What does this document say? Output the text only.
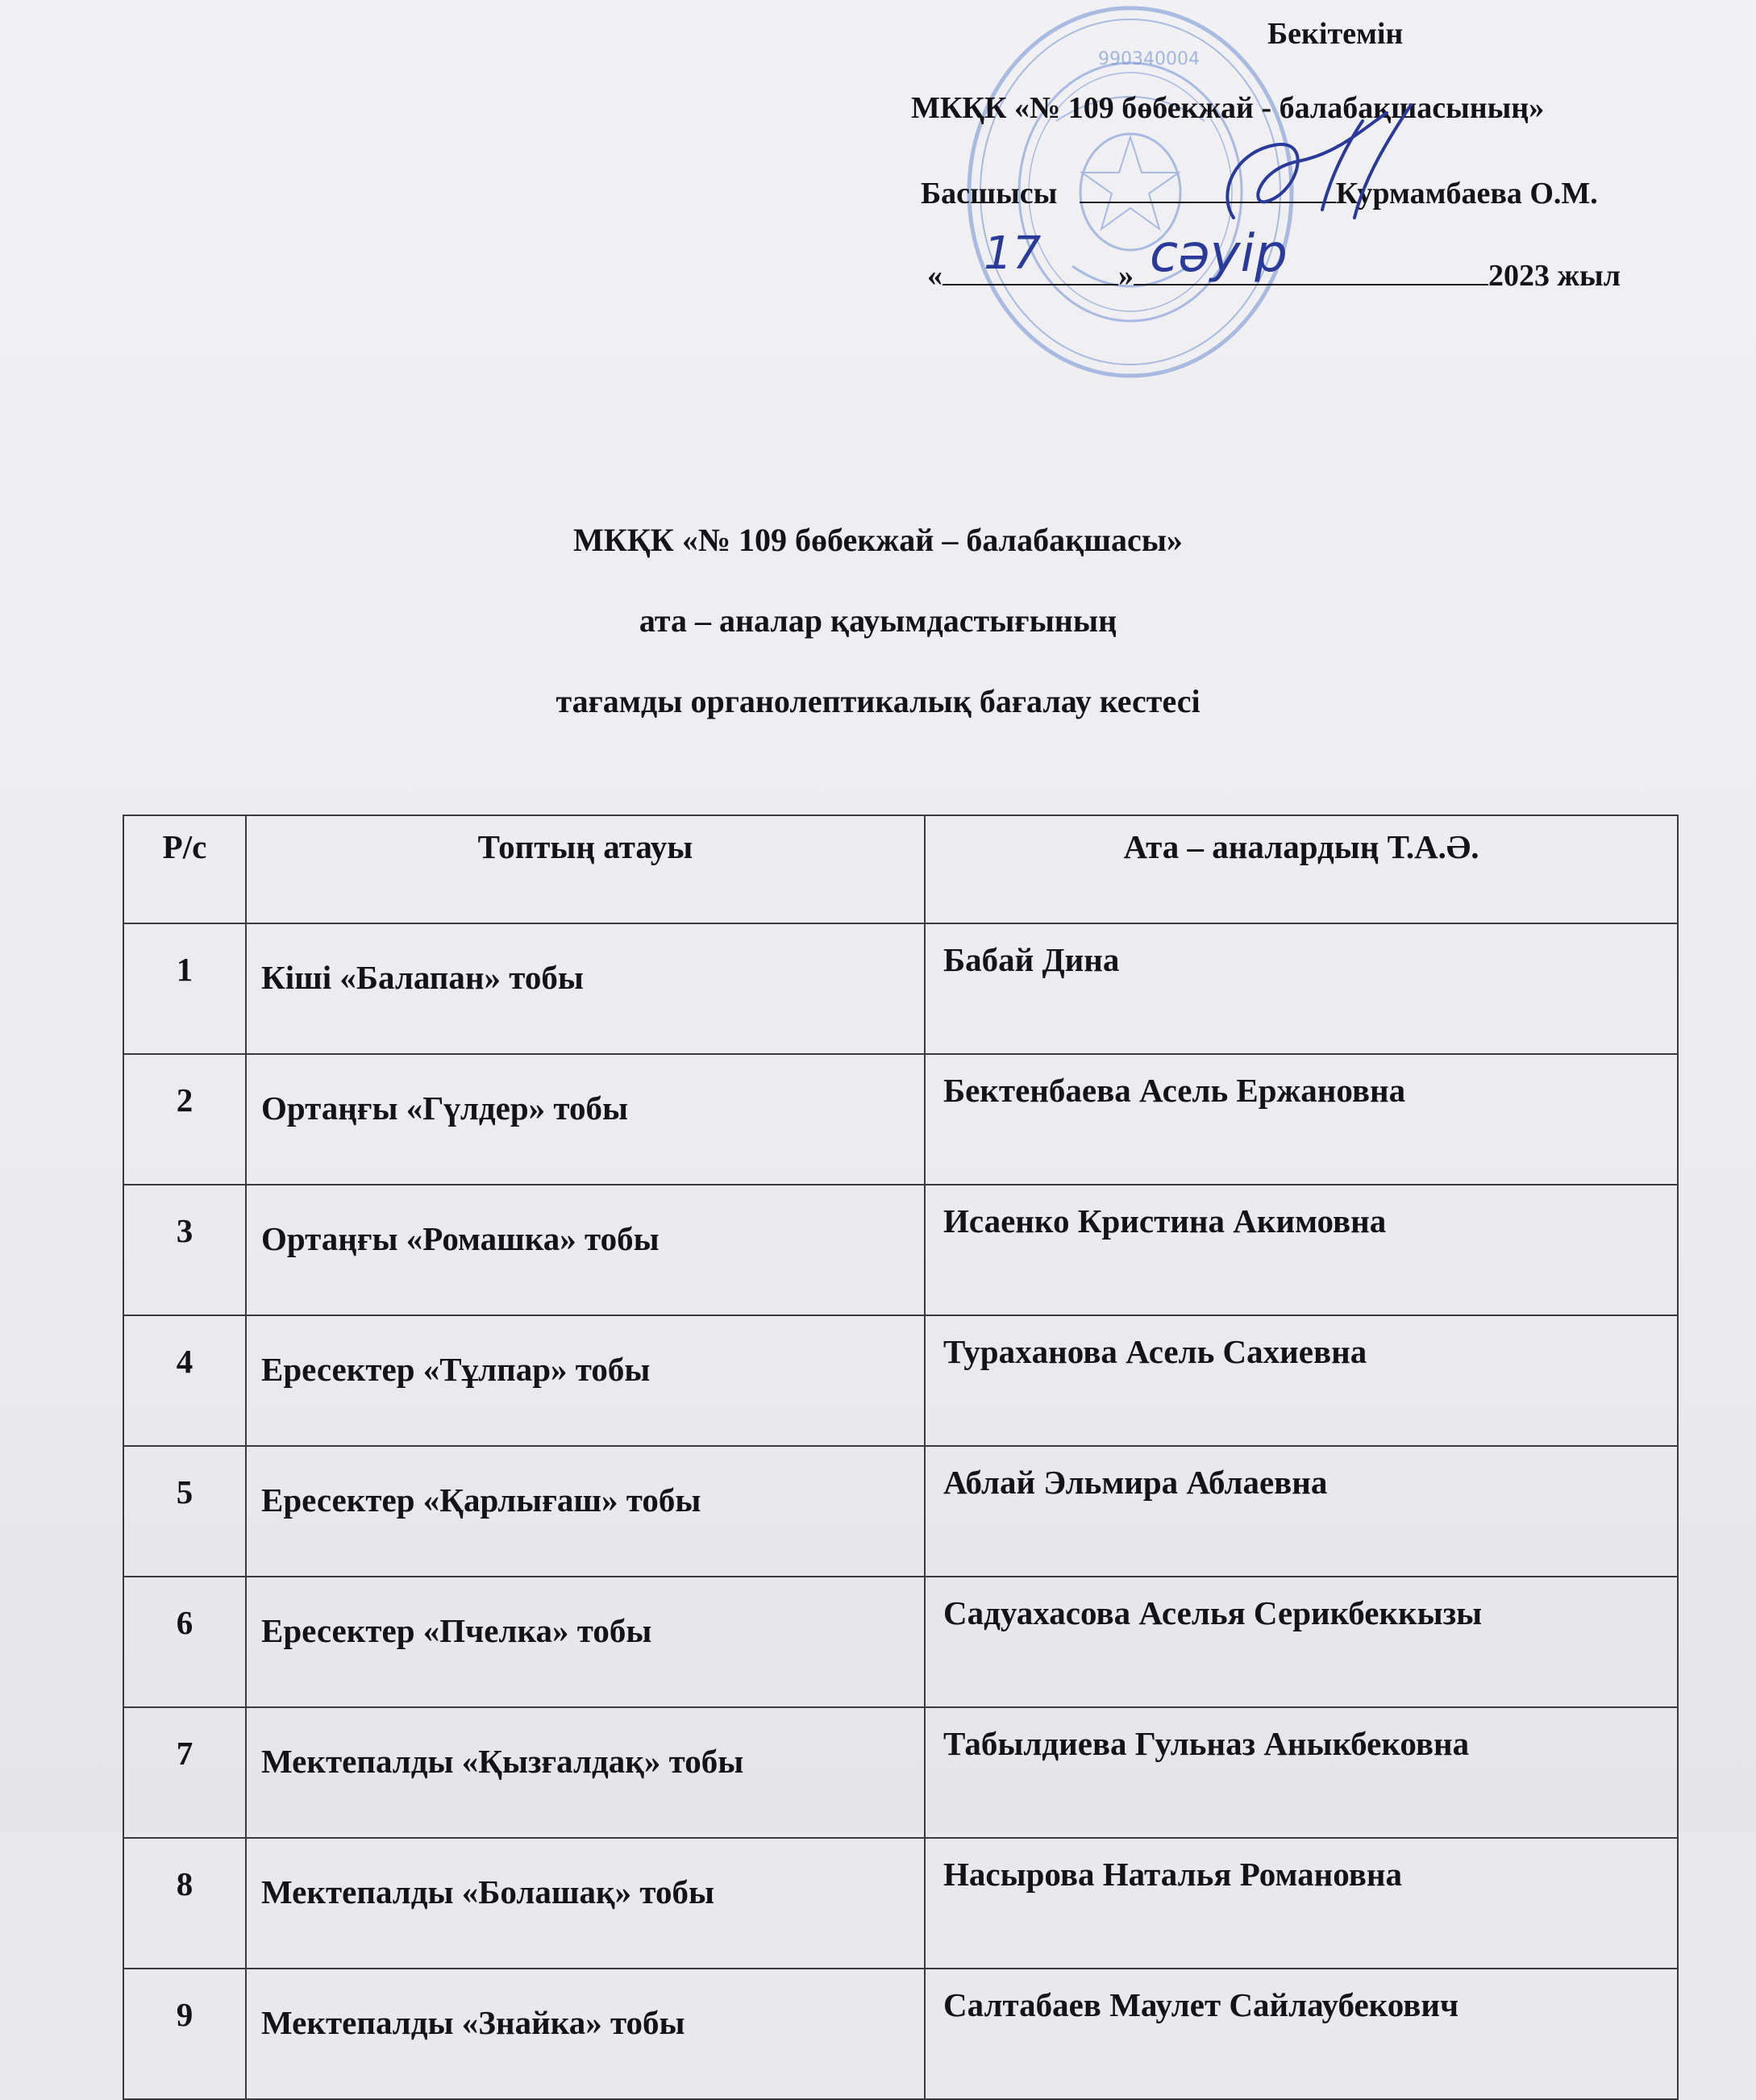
990340004
Бекітемін
МКҚК «№ 109 бөбекжай - балабақшасының»
Басшысы	Курмамбаева О.М.
«	»	2023 жыл
17 сәуір
МКҚК «№ 109 бөбекжай – балабақшасы»
ата – аналар қауымдастығының
тағамды органолептикалық бағалау кестесі
Р/с	Топтың атауы	Ата – аналардың Т.А.Ә.
1	Кіші «Балапан» тобы	Бабай Дина
2	Ортаңғы «Гүлдер» тобы	Бектенбаева Асель Ержановна
3	Ортаңғы «Ромашка» тобы	Исаенко Кристина Акимовна
4	Ересектер «Тұлпар» тобы	Турахaнова Асель Сахиевна
5	Ересектер «Қарлығаш» тобы	Аблай Эльмира Аблаевна
6	Ересектер «Пчелка» тобы	Садуахасова Аселья Серикбеккызы
7	Мектепалды «Қызғалдақ» тобы	Табылдиева Гульназ Аныкбековна
8	Мектепалды «Болашақ» тобы	Насырова Наталья Романовна
9	Мектепалды «Знайка» тобы	Салтабаев Маулет Сайлаубекович
